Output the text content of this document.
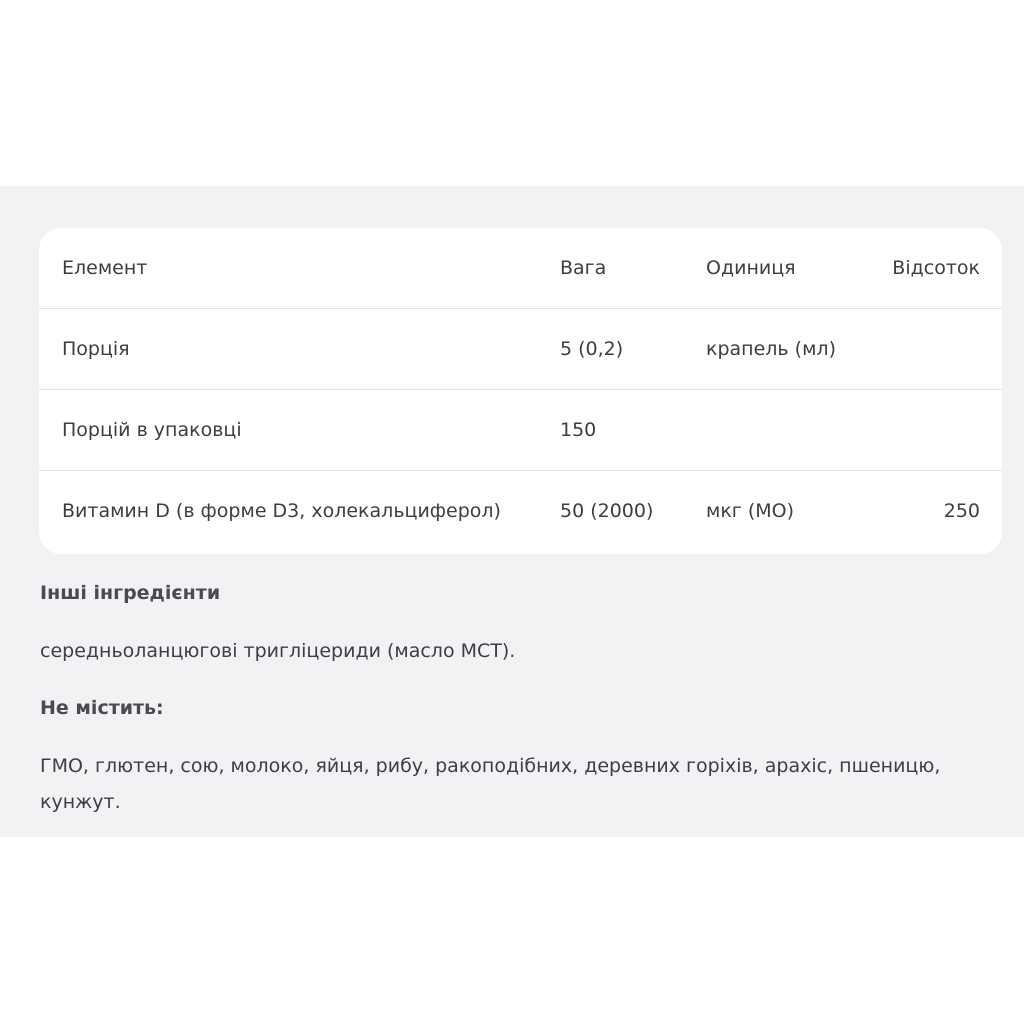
Елемент	Вага	Одиниця	Відсоток
Порція	5 (0,2)	крапель (мл)
Порцій в упаковці	150
Витамин D (в форме D3, холекальциферол)	50 (2000)	мкг (МО)	250
Інші інгредієнти
середньоланцюгові тригліцериди (масло МСТ).
Не містить:
ГМО, глютен, сою, молоко, яйця, рибу, ракоподібних, деревних горіхів, арахіс, пшеницю, кунжут.
